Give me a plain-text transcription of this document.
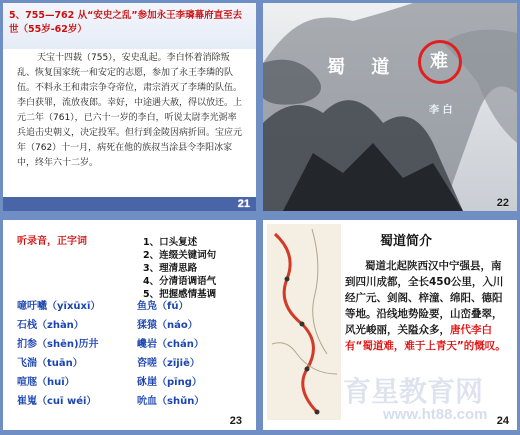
5、755—762 从“安史之乱”参加永王李璘幕府直至去世（55岁-62岁）
天宝十四载（755），安史乱起。李白怀着消除叛乱、恢复国家统一和安定的志愿，参加了永王李璘的队伍。不料永王和肃宗争夺帝位，肃宗消灭了李璘的队伍。李白获罪，流放夜郎。幸好，中途遇大赦，得以放还。上元二年（761），已六十一岁的李白，听说太尉李光弼率兵追击史朝义，决定投军。但行到金陵因病折回。宝应元年（762）十一月，病死在他的族叔当涂县令李阳冰家中，终年六十二岁。
21
蜀 道 难
李 白
22
听录音，正字词	1、口头复述
2、连缀关键词句
3、理清思路
4、分清语调语气
5、把握感情基调
噫吁嚱（yīxūxī）	鱼凫（fú）
石栈（zhàn）	猱猿（náo）
扪参（shēn)历井	巉岩（chán）
飞湍（tuān）	咨嗟（zījiē）
喧豗（huī）	砯崖（pīng）
崔嵬（cuī wéi）	吮血（shǔn）
23
蜀道简介
蜀道北起陕西汉中宁强县，南到四川成都，全长450公里，入川经广元、剑阁、梓潼、绵阳、德阳等地。沿线地势险要，山峦叠翠，风光峻丽，关隘众多，唐代李白有“蜀道难，难于上青天”的慨叹。
育星教育网
www.ht88.com 24
